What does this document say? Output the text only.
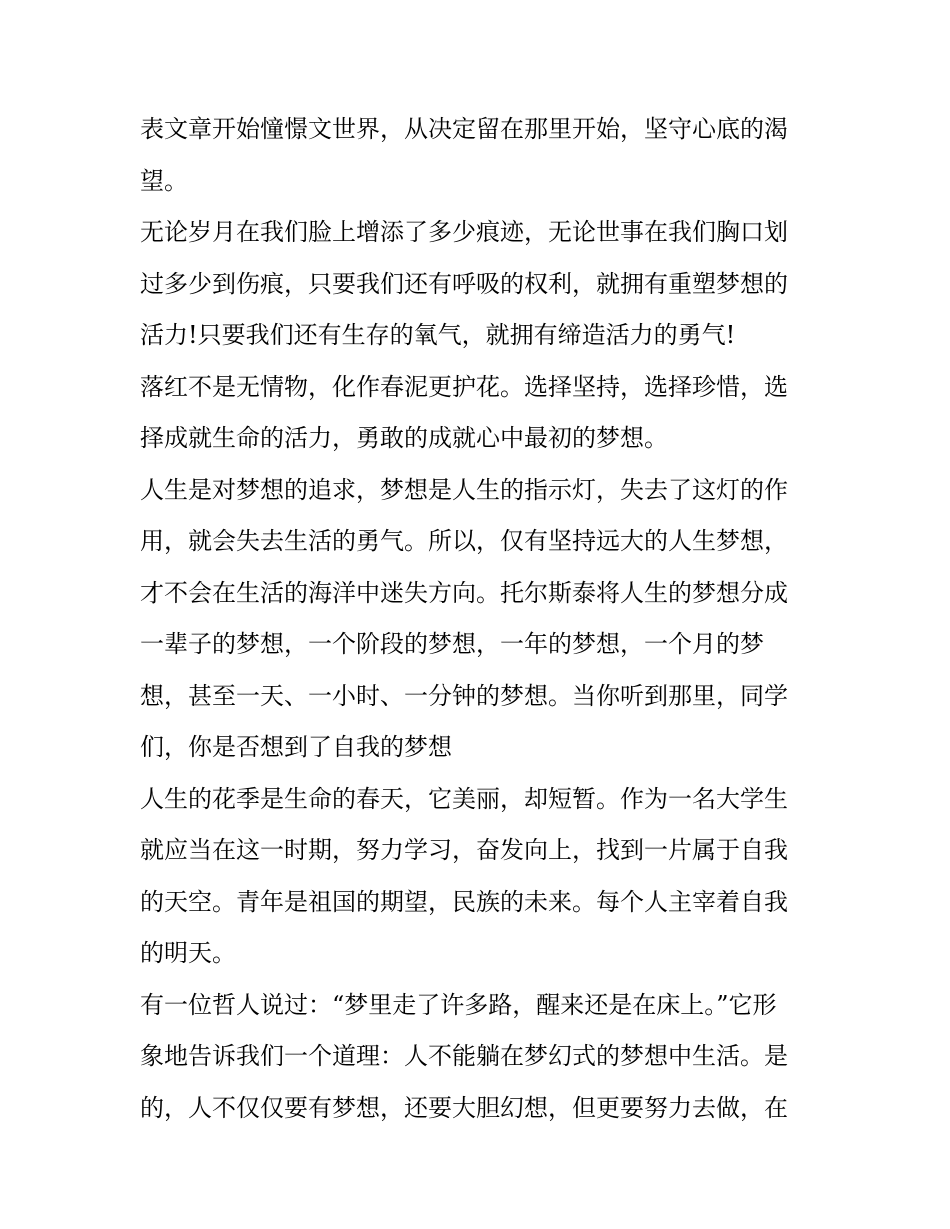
表文章开始憧憬文世界，从决定留在那里开始，坚守心底的渴
望。
无论岁月在我们脸上增添了多少痕迹，无论世事在我们胸口划
过多少到伤痕，只要我们还有呼吸的权利，就拥有重塑梦想的
活力!只要我们还有生存的氧气，就拥有缔造活力的勇气!
落红不是无情物，化作春泥更护花。选择坚持，选择珍惜，选
择成就生命的活力，勇敢的成就心中最初的梦想。
人生是对梦想的追求，梦想是人生的指示灯，失去了这灯的作
用，就会失去生活的勇气。所以，仅有坚持远大的人生梦想，
才不会在生活的海洋中迷失方向。托尔斯泰将人生的梦想分成
一辈子的梦想，一个阶段的梦想，一年的梦想，一个月的梦
想，甚至一天、一小时、一分钟的梦想。当你听到那里，同学
们，你是否想到了自我的梦想
人生的花季是生命的春天，它美丽，却短暂。作为一名大学生
就应当在这一时期，努力学习，奋发向上，找到一片属于自我
的天空。青年是祖国的期望，民族的未来。每个人主宰着自我
的明天。
有一位哲人说过：“梦里走了许多路，醒来还是在床上。”它形
象地告诉我们一个道理：人不能躺在梦幻式的梦想中生活。是
的，人不仅仅要有梦想，还要大胆幻想，但更要努力去做，在
